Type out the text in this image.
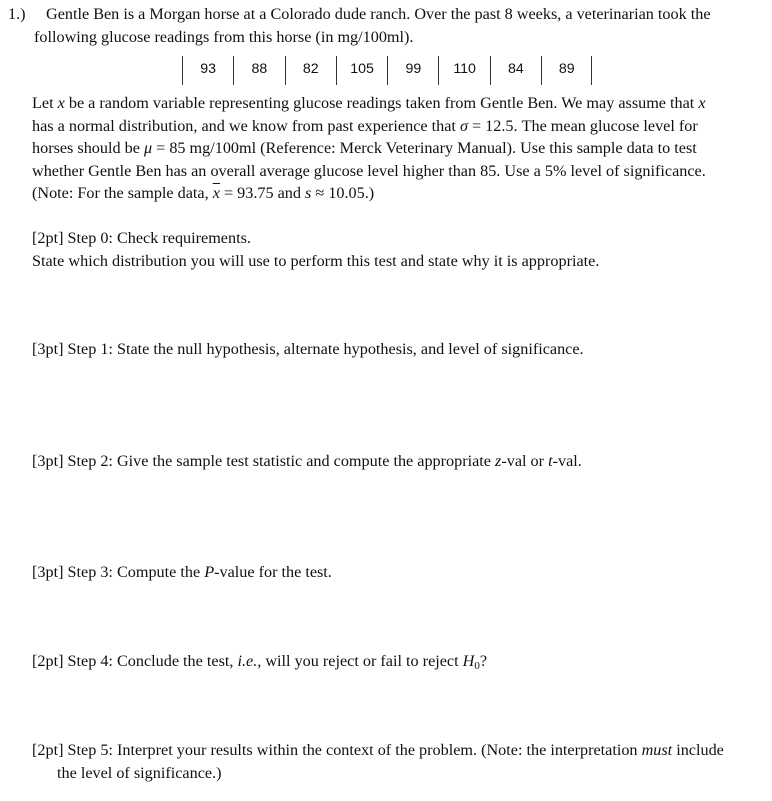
1.) Gentle Ben is a Morgan horse at a Colorado dude ranch. Over the past 8 weeks, a veterinarian took the
following glucose readings from this horse (in mg/100ml).
93	88	82	105	99	110	84	89
Let x be a random variable representing glucose readings taken from Gentle Ben. We may assume that x
has a normal distribution, and we know from past experience that σ = 12.5. The mean glucose level for
horses should be μ = 85 mg/100ml (Reference: Merck Veterinary Manual). Use this sample data to test
whether Gentle Ben has an overall average glucose level higher than 85. Use a 5% level of significance.
(Note: For the sample data, $\overline{x} = 93.75$ and s ≈ 10.05.)
[2pt] Step 0: Check requirements.
State which distribution you will use to perform this test and state why it is appropriate.
[3pt] Step 1: State the null hypothesis, alternate hypothesis, and level of significance.
[3pt] Step 2: Give the sample test statistic and compute the appropriate z-val or t-val.
[3pt] Step 3: Compute the P-value for the test.
[2pt] Step 4: Conclude the test, i.e., will you reject or fail to reject $H_0$?
[2pt] Step 5: Interpret your results within the context of the problem. (Note: the interpretation must include
the level of significance.)
